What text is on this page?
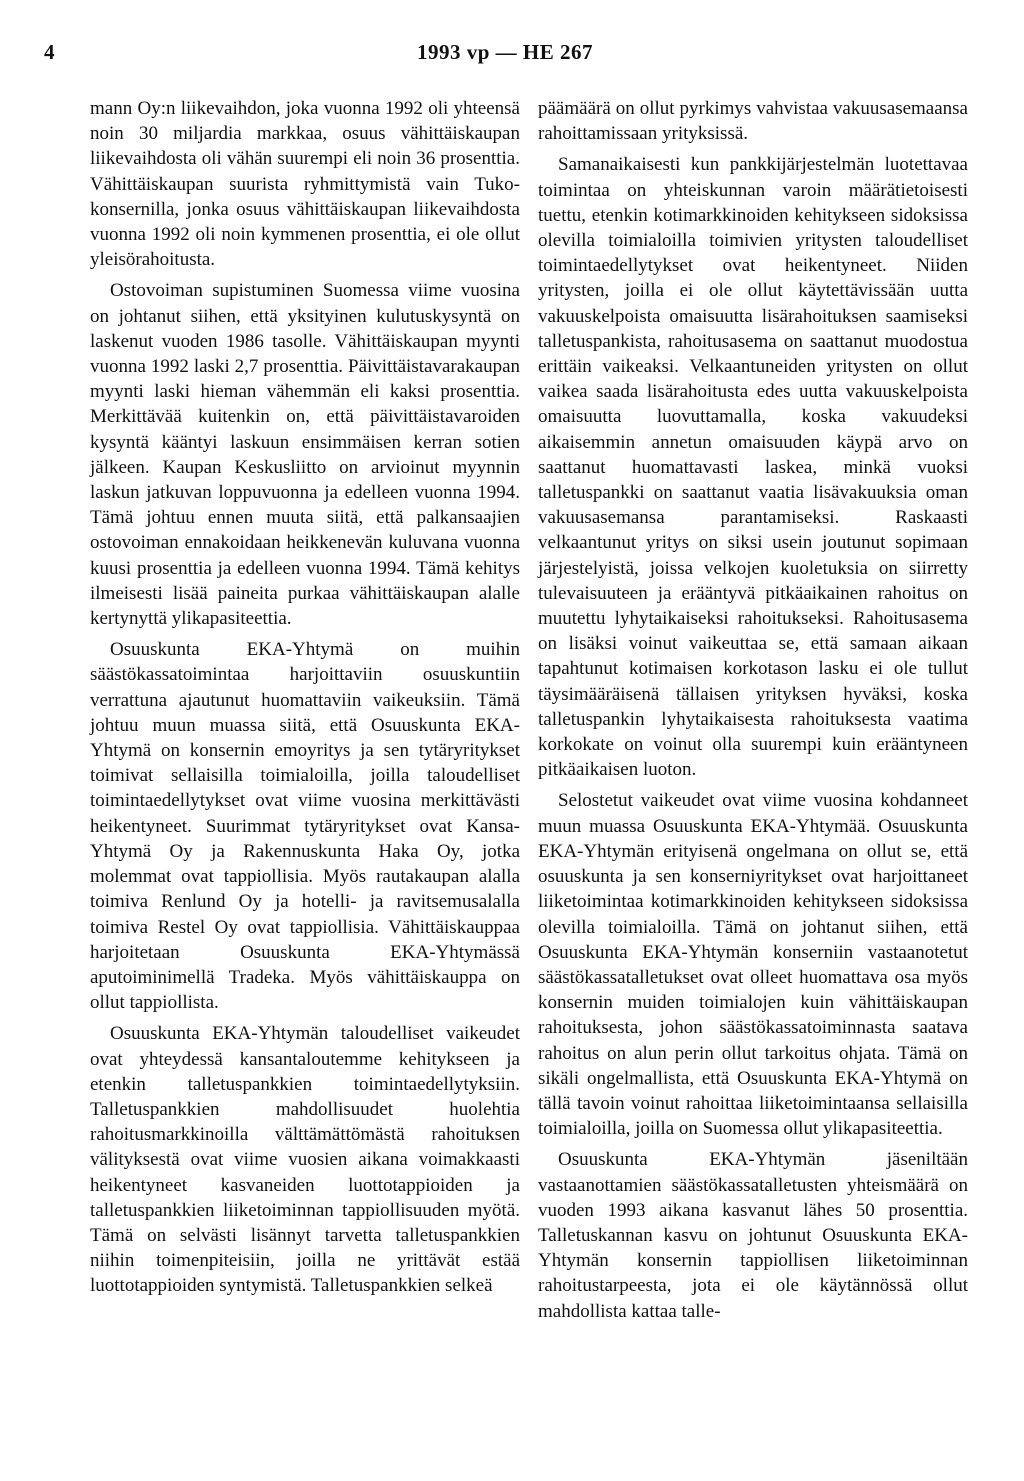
4	1993 vp — HE 267

mann Oy:n liikevaihdon, joka vuonna 1992 oli yhteensä noin 30 miljardia markkaa, osuus vähittäiskaupan liikevaihdosta oli vähän suurempi eli noin 36 prosenttia. Vähittäiskaupan suurista ryhmittymistä vain Tuko-konsernilla, jonka osuus vähittäiskaupan liikevaihdosta vuonna 1992 oli noin kymmenen prosenttia, ei ole ollut yleisörahoitusta.

Ostovoiman supistuminen Suomessa viime vuosina on johtanut siihen, että yksityinen kulutuskysyntä on laskenut vuoden 1986 tasolle. Vähittäiskaupan myynti vuonna 1992 laski 2,7 prosenttia. Päivittäistavarakaupan myynti laski hieman vähemmän eli kaksi prosenttia. Merkittävää kuitenkin on, että päivittäistavaroiden kysyntä kääntyi laskuun ensimmäisen kerran sotien jälkeen. Kaupan Keskusliitto on arvioinut myynnin laskun jatkuvan loppuvuonna ja edelleen vuonna 1994. Tämä johtuu ennen muuta siitä, että palkansaajien ostovoiman ennakoidaan heikkenevän kuluvana vuonna kuusi prosenttia ja edelleen vuonna 1994. Tämä kehitys ilmeisesti lisää paineita purkaa vähittäiskaupan alalle kertynyttä ylikapasiteettia.

Osuuskunta EKA-Yhtymä on muihin säästökassatoimintaa harjoittaviin osuuskuntiin verrattuna ajautunut huomattaviin vaikeuksiin. Tämä johtuu muun muassa siitä, että Osuuskunta EKA-Yhtymä on konsernin emoyritys ja sen tytäryritykset toimivat sellaisilla toimialoilla, joilla taloudelliset toimintaedellytykset ovat viime vuosina merkittävästi heikentyneet. Suurimmat tytäryritykset ovat Kansa-Yhtymä Oy ja Rakennuskunta Haka Oy, jotka molemmat ovat tappiollisia. Myös rautakaupan alalla toimiva Renlund Oy ja hotelli- ja ravitsemusalalla toimiva Restel Oy ovat tappiollisia. Vähittäiskauppaa harjoitetaan Osuuskunta EKA-Yhtymässä aputoiminimellä Tradeka. Myös vähittäiskauppa on ollut tappiollista.

Osuuskunta EKA-Yhtymän taloudelliset vaikeudet ovat yhteydessä kansantaloutemme kehitykseen ja etenkin talletuspankkien toimintaedellytyksiin. Talletuspankkien mahdollisuudet huolehtia rahoitusmarkkinoilla välttämättömästä rahoituksen välityksestä ovat viime vuosien aikana voimakkaasti heikentyneet kasvaneiden luottotappioiden ja talletuspankkien liiketoiminnan tappiollisuuden myötä. Tämä on selvästi lisännyt tarvetta talletuspankkien niihin toimenpiteisiin, joilla ne yrittävät estää luottotappioiden syntymistä. Talletuspankkien selkeä

päämäärä on ollut pyrkimys vahvistaa vakuusasemaansa rahoittamissaan yrityksissä.

Samanaikaisesti kun pankkijärjestelmän luotettavaa toimintaa on yhteiskunnan varoin määrätietoisesti tuettu, etenkin kotimarkkinoiden kehitykseen sidoksissa olevilla toimialoilla toimivien yritysten taloudelliset toimintaedellytykset ovat heikentyneet. Niiden yritysten, joilla ei ole ollut käytettävissään uutta vakuuskelpoista omaisuutta lisärahoituksen saamiseksi talletuspankista, rahoitusasema on saattanut muodostua erittäin vaikeaksi. Velkaantuneiden yritysten on ollut vaikea saada lisärahoitusta edes uutta vakuuskelpoista omaisuutta luovuttamalla, koska vakuudeksi aikaisemmin annetun omaisuuden käypä arvo on saattanut huomattavasti laskea, minkä vuoksi talletuspankki on saattanut vaatia lisävakuuksia oman vakuusasemansa parantamiseksi. Raskaasti velkaantunut yritys on siksi usein joutunut sopimaan järjestelyistä, joissa velkojen kuoletuksia on siirretty tulevaisuuteen ja erääntyvä pitkäaikainen rahoitus on muutettu lyhytaikaiseksi rahoitukseksi. Rahoitusasema on lisäksi voinut vaikeuttaa se, että samaan aikaan tapahtunut kotimaisen korkotason lasku ei ole tullut täysimääräisenä tällaisen yrityksen hyväksi, koska talletuspankin lyhytaikaisesta rahoituksesta vaatima korkokate on voinut olla suurempi kuin erääntyneen pitkäaikaisen luoton.

Selostetut vaikeudet ovat viime vuosina kohdanneet muun muassa Osuuskunta EKA-Yhtymää. Osuuskunta EKA-Yhtymän erityisenä ongelmana on ollut se, että osuuskunta ja sen konserniyritykset ovat harjoittaneet liiketoimintaa kotimarkkinoiden kehitykseen sidoksissa olevilla toimialoilla. Tämä on johtanut siihen, että Osuuskunta EKA-Yhtymän konserniin vastaanotetut säästökassatalletukset ovat olleet huomattava osa myös konsernin muiden toimialojen kuin vähittäiskaupan rahoituksesta, johon säästökassatoiminnasta saatava rahoitus on alun perin ollut tarkoitus ohjata. Tämä on sikäli ongelmallista, että Osuuskunta EKA-Yhtymä on tällä tavoin voinut rahoittaa liiketoimintaansa sellaisilla toimialoilla, joilla on Suomessa ollut ylikapasiteettia.

Osuuskunta EKA-Yhtymän jäseniltään vastaanottamien säästökassatalletusten yhteismäärä on vuoden 1993 aikana kasvanut lähes 50 prosenttia. Talletuskannan kasvu on johtunut Osuuskunta EKA-Yhtymän konsernin tappiollisen liiketoiminnan rahoitustarpeesta, jota ei ole käytännössä ollut mahdollista kattaa talle-
